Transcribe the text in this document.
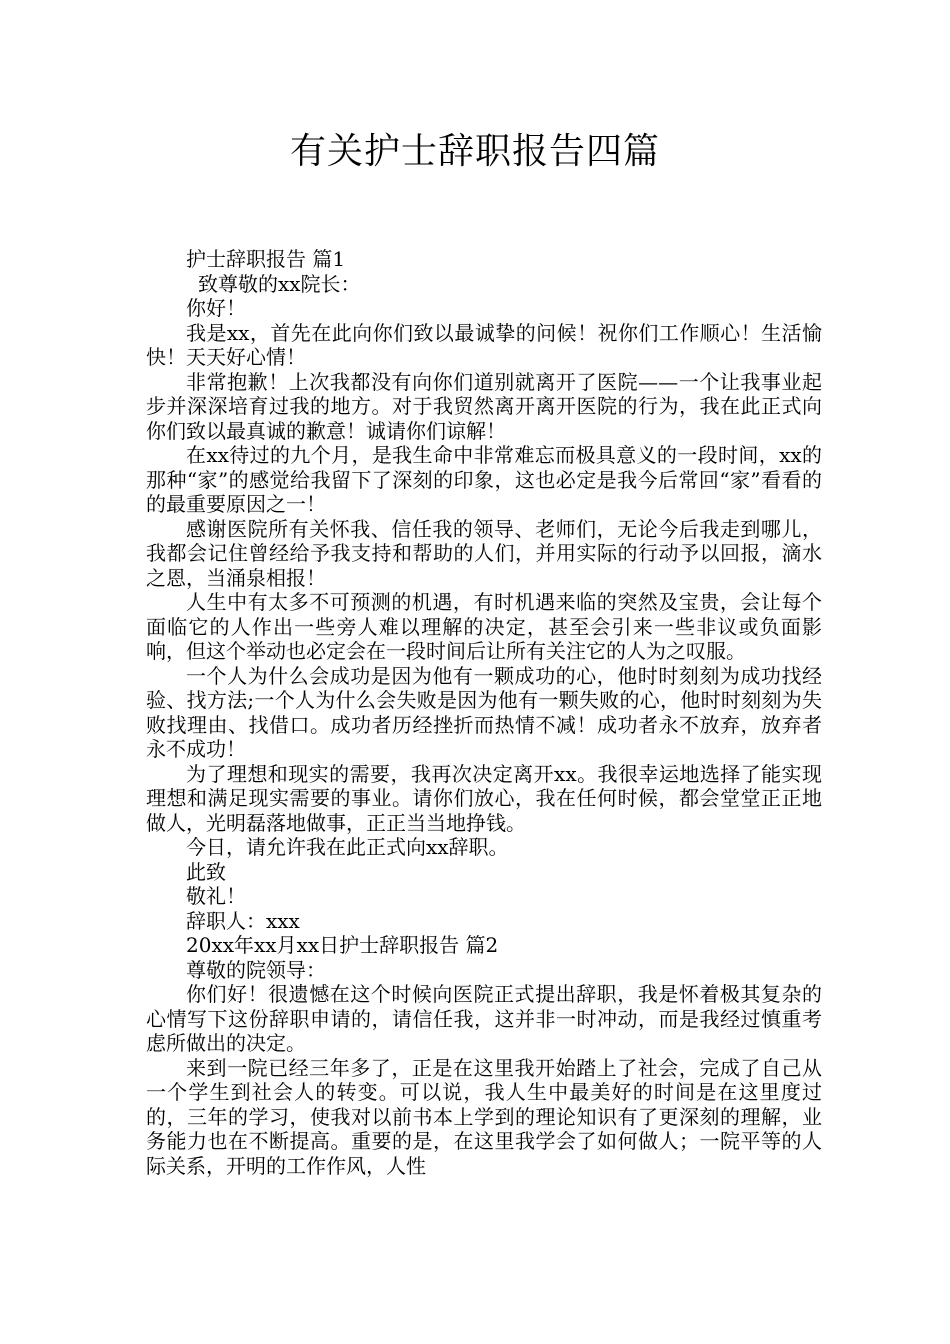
有关护士辞职报告四篇

护士辞职报告 篇1

致尊敬的xx院长：

你好！

我是xx，首先在此向你们致以最诚挚的问候！祝你们工作顺心！生活愉快！天天好心情！

非常抱歉！上次我都没有向你们道别就离开了医院——一个让我事业起步并深深培育过我的地方。对于我贸然离开离开医院的行为，我在此正式向你们致以最真诚的歉意！诚请你们谅解！

在xx待过的九个月，是我生命中非常难忘而极具意义的一段时间，xx的那种“家”的感觉给我留下了深刻的印象，这也必定是我今后常回“家”看看的的最重要原因之一！

感谢医院所有关怀我、信任我的领导、老师们，无论今后我走到哪儿，我都会记住曾经给予我支持和帮助的人们，并用实际的行动予以回报，滴水之恩，当涌泉相报！

人生中有太多不可预测的机遇，有时机遇来临的突然及宝贵，会让每个面临它的人作出一些旁人难以理解的决定，甚至会引来一些非议或负面影响，但这个举动也必定会在一段时间后让所有关注它的人为之叹服。

一个人为什么会成功是因为他有一颗成功的心，他时时刻刻为成功找经验、找方法;一个人为什么会失败是因为他有一颗失败的心，他时时刻刻为失败找理由、找借口。成功者历经挫折而热情不减！成功者永不放弃，放弃者永不成功！

为了理想和现实的需要，我再次决定离开xx。我很幸运地选择了能实现理想和满足现实需要的事业。请你们放心，我在任何时候，都会堂堂正正地做人，光明磊落地做事，正正当当地挣钱。

今日，请允许我在此正式向xx辞职。

此致

敬礼！

辞职人：xxx

20xx年xx月xx日护士辞职报告 篇2

尊敬的院领导：

你们好！很遗憾在这个时候向医院正式提出辞职，我是怀着极其复杂的心情写下这份辞职申请的，请信任我，这并非一时冲动，而是我经过慎重考虑所做出的决定。

来到一院已经三年多了，正是在这里我开始踏上了社会，完成了自己从一个学生到社会人的转变。可以说，我人生中最美好的时间是在这里度过的，三年的学习，使我对以前书本上学到的理论知识有了更深刻的理解，业务能力也在不断提高。重要的是，在这里我学会了如何做人；一院平等的人际关系，开明的工作作风，人性
